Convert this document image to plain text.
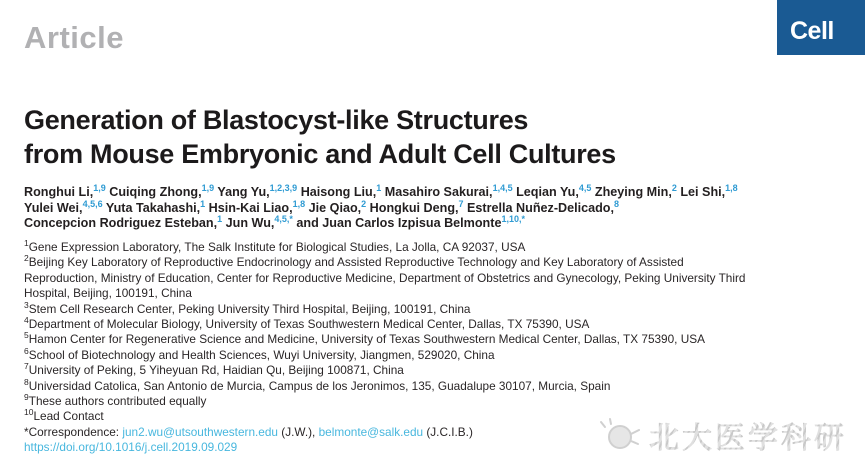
Article	Cell
Generation of Blastocyst-like Structures
from Mouse Embryonic and Adult Cell Cultures
Ronghui Li,$^{1,9}$ Cuiqing Zhong,$^{1,9}$ Yang Yu,$^{1,2,3,9}$ Haisong Liu,$^1$ Masahiro Sakurai,$^{1,4,5}$ Leqian Yu,$^{4,5}$ Zheying Min,$^2$ Lei Shi,$^{1,8}$
Yulei Wei,$^{4,5,6}$ Yuta Takahashi,$^1$ Hsin-Kai Liao,$^{1,8}$ Jie Qiao,$^2$ Hongkui Deng,$^7$ Estrella Nuñez-Delicado,$^8$
Concepcion Rodriguez Esteban,$^1$ Jun Wu,$^{4,5,*}$ and Juan Carlos Izpisua Belmonte$^{1,10,*}$
$^1$Gene Expression Laboratory, The Salk Institute for Biological Studies, La Jolla, CA 92037, USA
$^2$Beijing Key Laboratory of Reproductive Endocrinology and Assisted Reproductive Technology and Key Laboratory of Assisted
Reproduction, Ministry of Education, Center for Reproductive Medicine, Department of Obstetrics and Gynecology, Peking University Third
Hospital, Beijing, 100191, China
$^3$Stem Cell Research Center, Peking University Third Hospital, Beijing, 100191, China
$^4$Department of Molecular Biology, University of Texas Southwestern Medical Center, Dallas, TX 75390, USA
$^5$Hamon Center for Regenerative Science and Medicine, University of Texas Southwestern Medical Center, Dallas, TX 75390, USA
$^6$School of Biotechnology and Health Sciences, Wuyi University, Jiangmen, 529020, China
$^7$University of Peking, 5 Yiheyuan Rd, Haidian Qu, Beijing 100871, China
$^8$Universidad Catolica, San Antonio de Murcia, Campus de los Jeronimos, 135, Guadalupe 30107, Murcia, Spain
$^9$These authors contributed equally
$^{10}$Lead Contact
*Correspondence: jun2.wu@utsouthwestern.edu (J.W.), belmonte@salk.edu (J.C.I.B.)
https://doi.org/10.1016/j.cell.2019.09.029	北大医学科研
